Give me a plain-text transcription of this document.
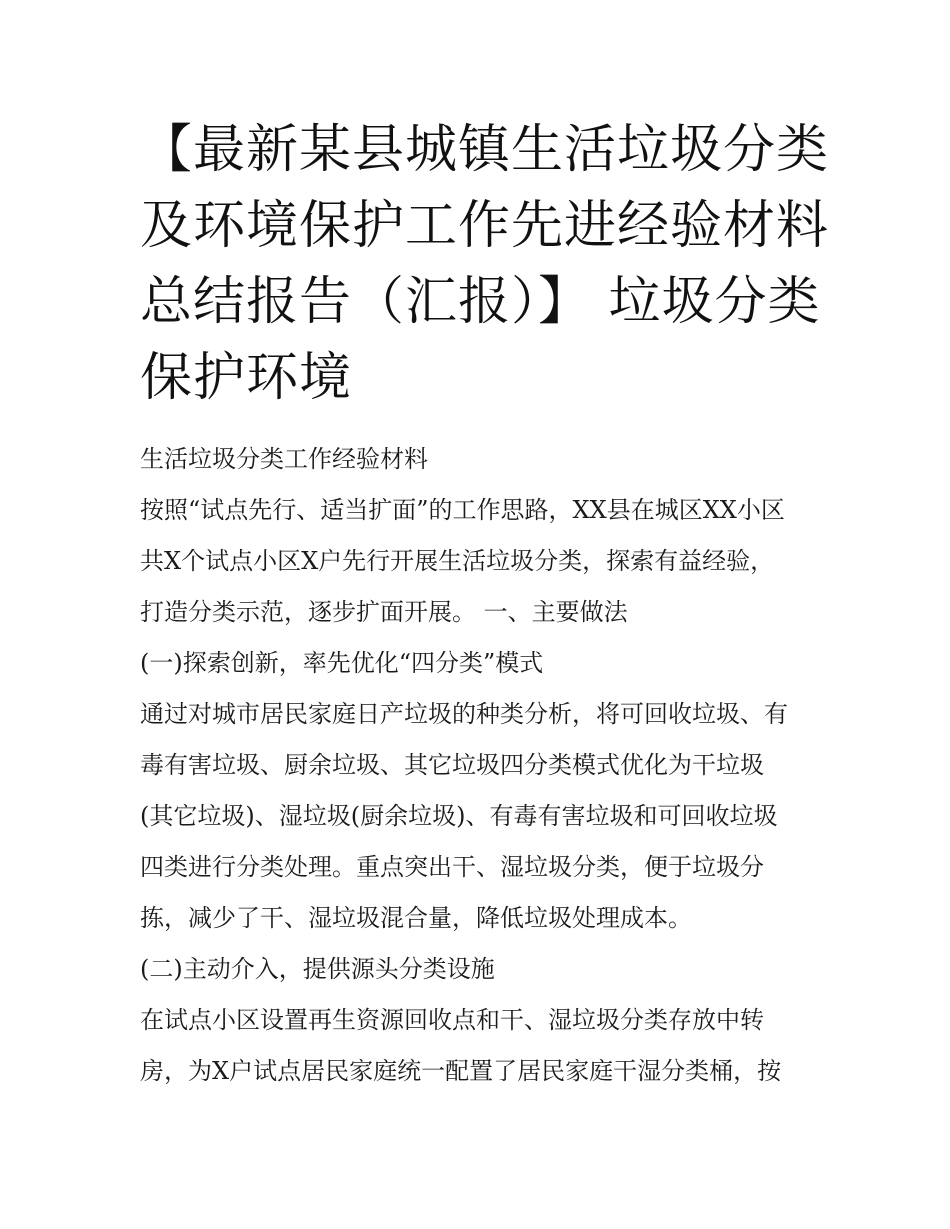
【最新某县城镇生活垃圾分类
及环境保护工作先进经验材料
总结报告（汇报）】 垃圾分类
保护环境
生活垃圾分类工作经验材料
按照“试点先行、适当扩面”的工作思路，XX县在城区XX小区
共X个试点小区X户先行开展生活垃圾分类，探索有益经验，
打造分类示范，逐步扩面开展。 一、主要做法
(一)探索创新，率先优化“四分类”模式
通过对城市居民家庭日产垃圾的种类分析，将可回收垃圾、有
毒有害垃圾、厨余垃圾、其它垃圾四分类模式优化为干垃圾
(其它垃圾)、湿垃圾(厨余垃圾)、有毒有害垃圾和可回收垃圾
四类进行分类处理。重点突出干、湿垃圾分类，便于垃圾分
拣，减少了干、湿垃圾混合量，降低垃圾处理成本。
(二)主动介入，提供源头分类设施
在试点小区设置再生资源回收点和干、湿垃圾分类存放中转
房，为X户试点居民家庭统一配置了居民家庭干湿分类桶，按
